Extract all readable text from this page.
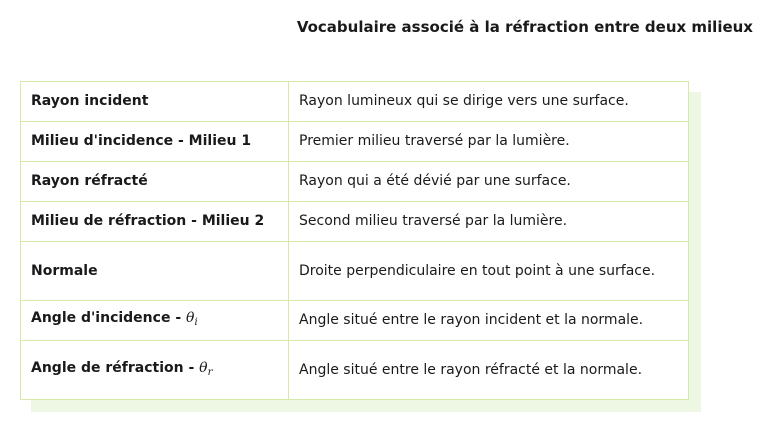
Vocabulaire associé à la réfraction entre deux milieux
Rayon incident	Rayon lumineux qui se dirige vers une surface.
Milieu d'incidence - Milieu 1	Premier milieu traversé par la lumière.
Rayon réfracté	Rayon qui a été dévié par une surface.
Milieu de réfraction - Milieu 2	Second milieu traversé par la lumière.
Normale	Droite perpendiculaire en tout point à une surface.
Angle d'incidence - $\theta_i$	Angle situé entre le rayon incident et la normale.
Angle de réfraction - $\theta_r$	Angle situé entre le rayon réfracté et la normale.
